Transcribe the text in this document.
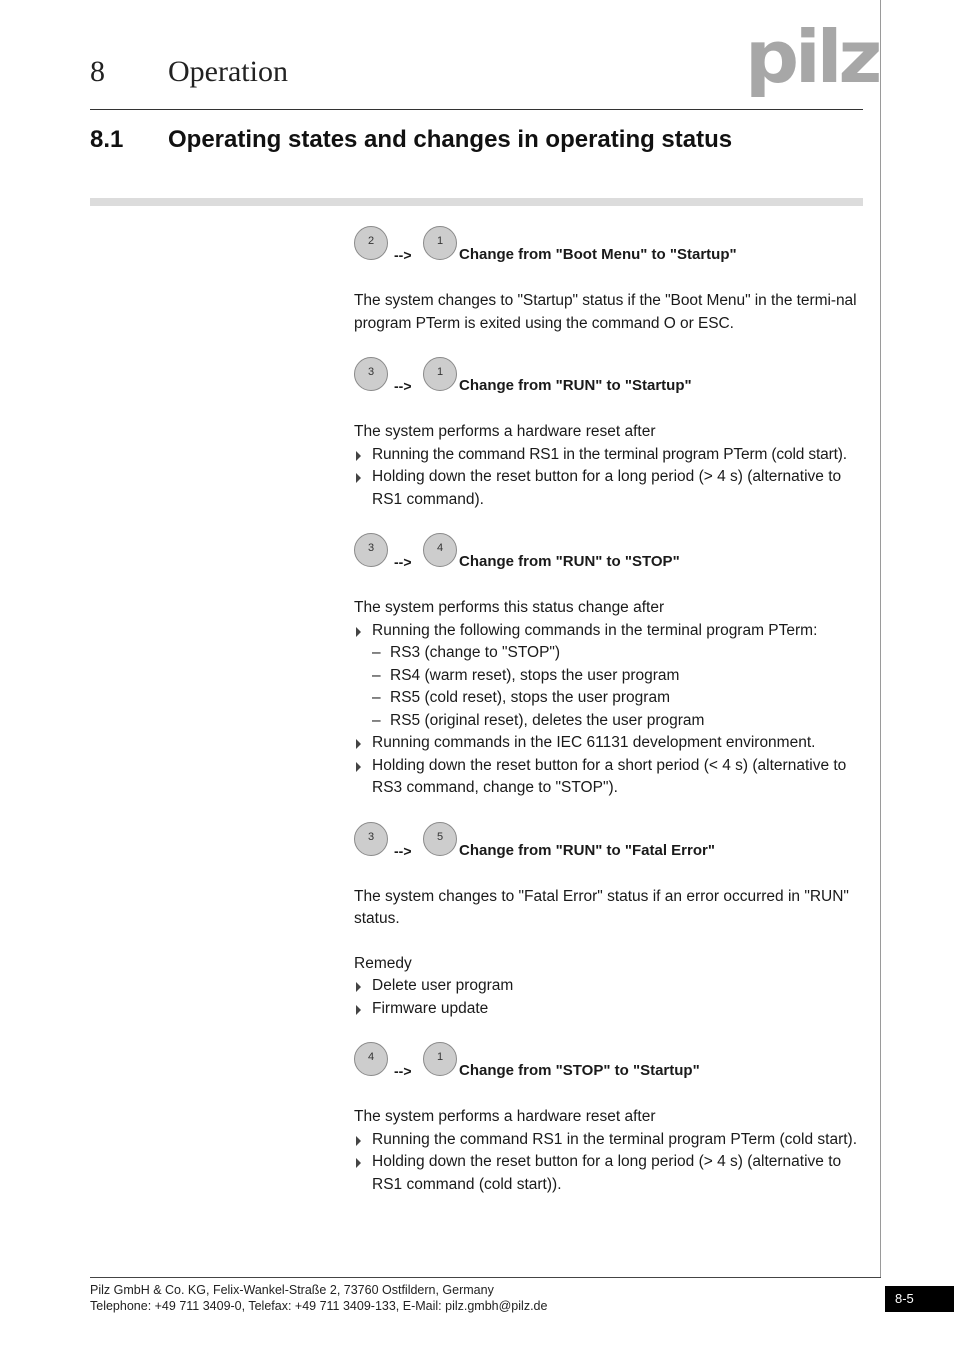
8 Operation	pilz
8.1 Operating states and changes in operating status
2
-->
1
Change from "Boot Menu" to "Startup"

The system changes to "Startup" status if the "Boot Menu" in the termi-nal program PTerm is exited using the command O or ESC.

3
-->
1
Change from "RUN" to "Startup"

The system performs a hardware reset after

Running the command RS1 in the terminal program PTerm (cold start).
Holding down the reset button for a long period (> 4 s) (alternative to RS1 command).
3
-->
4
Change from "RUN" to "STOP"

The system performs this status change after

Running the following commands in the terminal program PTerm:
– RS3 (change to "STOP")
– RS4 (warm reset), stops the user program
– RS5 (cold reset), stops the user program
– RS5 (original reset), deletes the user program
Running commands in the IEC 61131 development environment.
Holding down the reset button for a short period (< 4 s) (alternative to RS3 command, change to "STOP").
3
-->
5
Change from "RUN" to "Fatal Error"

The system changes to "Fatal Error" status if an error occurred in "RUN" status.

Remedy

Delete user program
Firmware update
4
-->
1
Change from "STOP" to "Startup"

The system performs a hardware reset after

Running the command RS1 in the terminal program PTerm (cold start).
Holding down the reset button for a long period (> 4 s) (alternative to RS1 command (cold start)).
Pilz GmbH & Co. KG, Felix-Wankel-Straße 2, 73760 Ostfildern, Germany
Telephone: +49 711 3409-0, Telefax: +49 711 3409-133, E-Mail: pilz.gmbh@pilz.de	8-5
